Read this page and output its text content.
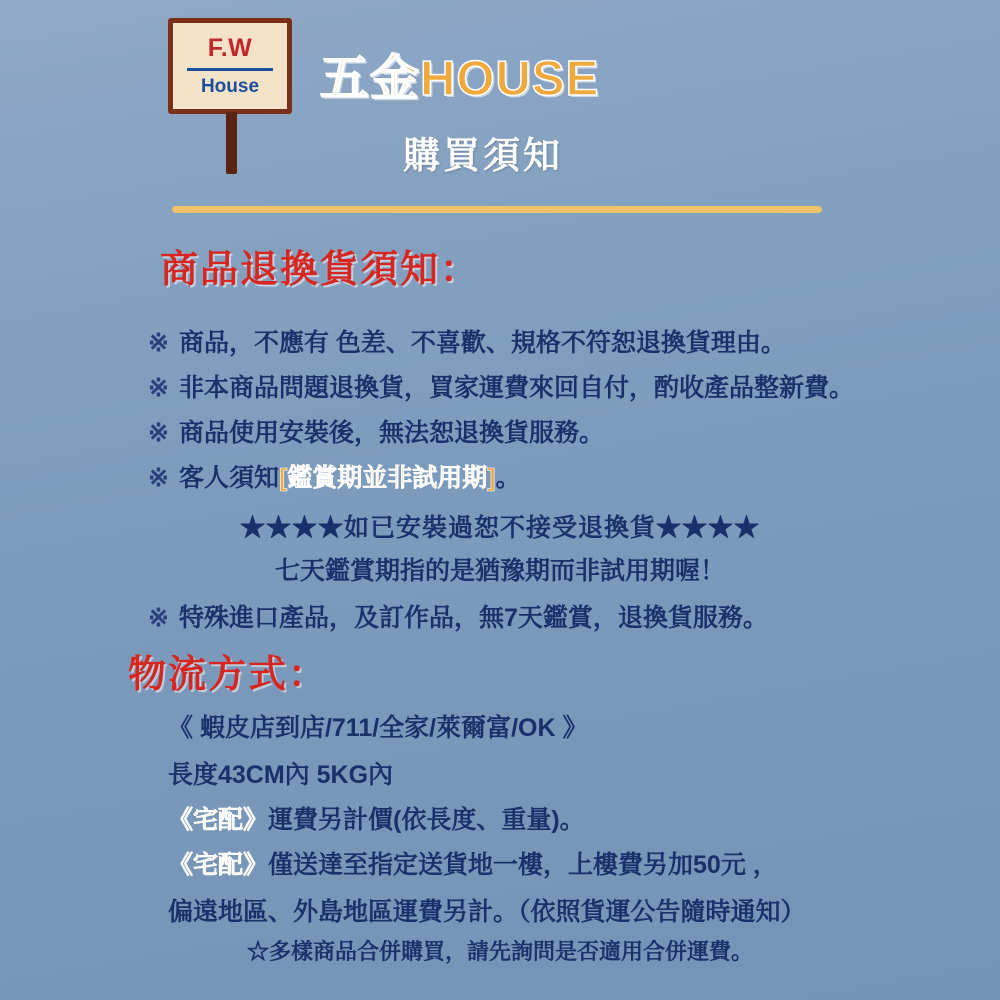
F.W
House 五金HOUSE
購買須知
商品退換貨須知：
※ 商品，不應有 色差、不喜歡、規格不符恕退換貨理由。
※ 非本商品問題退換貨，買家運費來回自付，酌收產品整新費。
※ 商品使用安裝後，無法恕退換貨服務。
※ 客人須知[鑑賞期並非試用期]。
★★★★如已安裝過恕不接受退換貨★★★★
七天鑑賞期指的是猶豫期而非試用期喔！
※ 特殊進口產品，及訂作品，無7天鑑賞，退換貨服務。
物流方式：
《 蝦皮店到店/711/全家/萊爾富/OK 》
長度43CM內 5KG內
《宅配》運費另計價(依長度、重量)。
《宅配》僅送達至指定送貨地一樓，上樓費另加50元 ，
偏遠地區、外島地區運費另計。（依照貨運公告隨時通知）
☆多樣商品合併購買，請先詢問是否適用合併運費。
